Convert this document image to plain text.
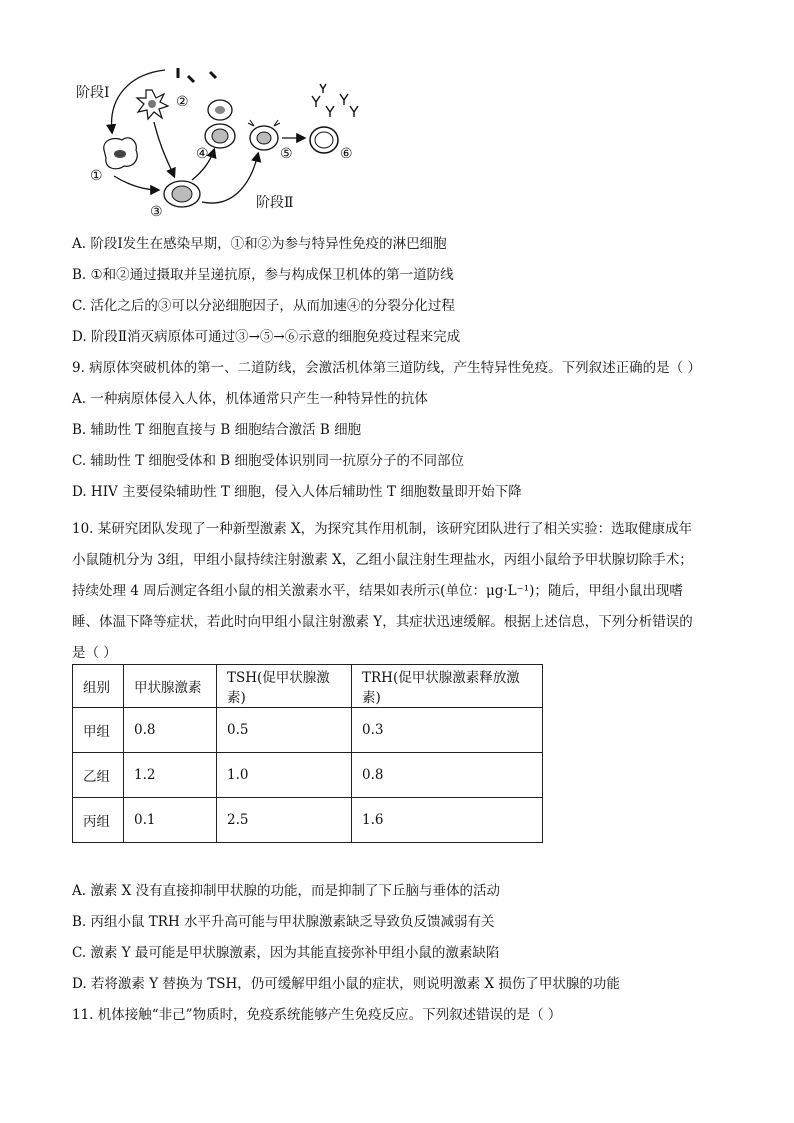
阶段Ⅰ
②
①
③
④	⑤	⑥
阶段Ⅱ
A. 阶段Ⅰ发生在感染早期，①和②为参与特异性免疫的淋巴细胞
B. ①和②通过摄取并呈递抗原，参与构成保卫机体的第一道防线
C. 活化之后的③可以分泌细胞因子，从而加速④的分裂分化过程
D. 阶段Ⅱ消灭病原体可通过③→⑤→⑥示意的细胞免疫过程来完成
9. 病原体突破机体的第一、二道防线，会激活机体第三道防线，产生特异性免疫。下列叙述正确的是（ ）
A. 一种病原体侵入人体，机体通常只产生一种特异性的抗体
B. 辅助性 T 细胞直接与 B 细胞结合激活 B 细胞
C. 辅助性 T 细胞受体和 B 细胞受体识别同一抗原分子的不同部位
D. HIV 主要侵染辅助性 T 细胞，侵入人体后辅助性 T 细胞数量即开始下降
10. 某研究团队发现了一种新型激素 X，为探究其作用机制，该研究团队进行了相关实验：选取健康成年
小鼠随机分为 3组，甲组小鼠持续注射激素 X，乙组小鼠注射生理盐水，丙组小鼠给予甲状腺切除手术；
持续处理 4 周后测定各组小鼠的相关激素水平，结果如表所示(单位：μg·L⁻¹)；随后，甲组小鼠出现嗜
睡、体温下降等症状，若此时向甲组小鼠注射激素 Y，其症状迅速缓解。根据上述信息，下列分析错误的
是（ ）
组别	甲状腺激素	TSH(促甲状腺激素)	TRH(促甲状腺激素释放激素)
甲组	0.8	0.5	0.3
乙组	1.2	1.0	0.8
丙组	0.1	2.5	1.6
A. 激素 X 没有直接抑制甲状腺的功能，而是抑制了下丘脑与垂体的活动
B. 丙组小鼠 TRH 水平升高可能与甲状腺激素缺乏导致负反馈减弱有关
C. 激素 Y 最可能是甲状腺激素，因为其能直接弥补甲组小鼠的激素缺陷
D. 若将激素 Y 替换为 TSH，仍可缓解甲组小鼠的症状，则说明激素 X 损伤了甲状腺的功能
11. 机体接触“非己”物质时，免疫系统能够产生免疫反应。下列叙述错误的是（ ）
